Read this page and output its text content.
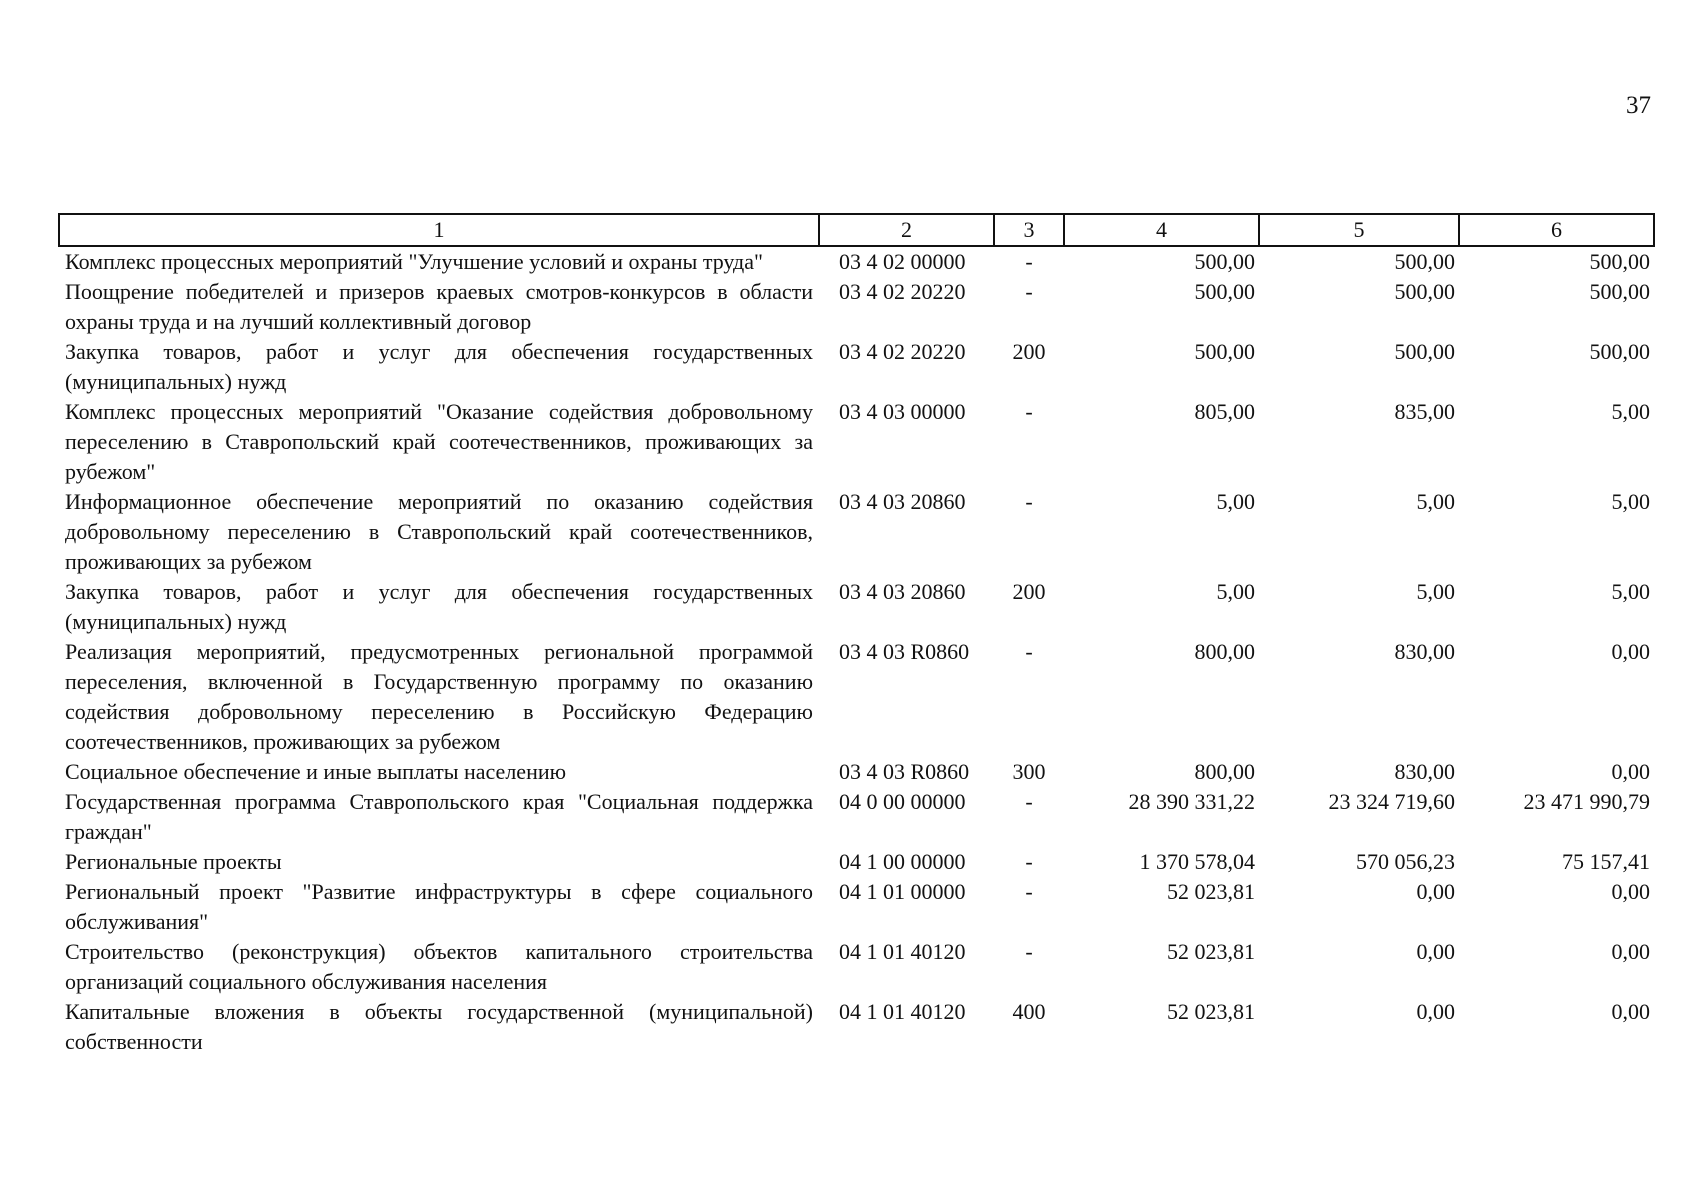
37
1	2	3	4	5	6
Комплекс процессных мероприятий "Улучшение условий и охраны труда"	03 4 02 00000	-	500,00	500,00	500,00
Поощрение победителей и призеров краевых смотров-конкурсов в области охраны труда и на лучший коллективный договор	03 4 02 20220	-	500,00	500,00	500,00
Закупка товаров, работ и услуг для обеспечения государственных (муниципальных) нужд	03 4 02 20220	200	500,00	500,00	500,00
Комплекс процессных мероприятий "Оказание содействия добровольному переселению в Ставропольский край соотечественников, проживающих за рубежом"	03 4 03 00000	-	805,00	835,00	5,00
Информационное обеспечение мероприятий по оказанию содействия добровольному переселению в Ставропольский край соотечественников, проживающих за рубежом	03 4 03 20860	-	5,00	5,00	5,00
Закупка товаров, работ и услуг для обеспечения государственных (муниципальных) нужд	03 4 03 20860	200	5,00	5,00	5,00
Реализация мероприятий, предусмотренных региональной программой переселения, включенной в Государственную программу по оказанию содействия добровольному переселению в Российскую Федерацию соотечественников, проживающих за рубежом	03 4 03 R0860	-	800,00	830,00	0,00
Социальное обеспечение и иные выплаты населению	03 4 03 R0860	300	800,00	830,00	0,00
Государственная программа Ставропольского края "Социальная поддержка граждан"	04 0 00 00000	-	28 390 331,22	23 324 719,60	23 471 990,79
Региональные проекты	04 1 00 00000	-	1 370 578,04	570 056,23	75 157,41
Региональный проект "Развитие инфраструктуры в сфере социального обслуживания"	04 1 01 00000	-	52 023,81	0,00	0,00
Строительство (реконструкция) объектов капитального строительства организаций социального обслуживания населения	04 1 01 40120	-	52 023,81	0,00	0,00
Капитальные вложения в объекты государственной (муниципальной) собственности	04 1 01 40120	400	52 023,81	0,00	0,00
